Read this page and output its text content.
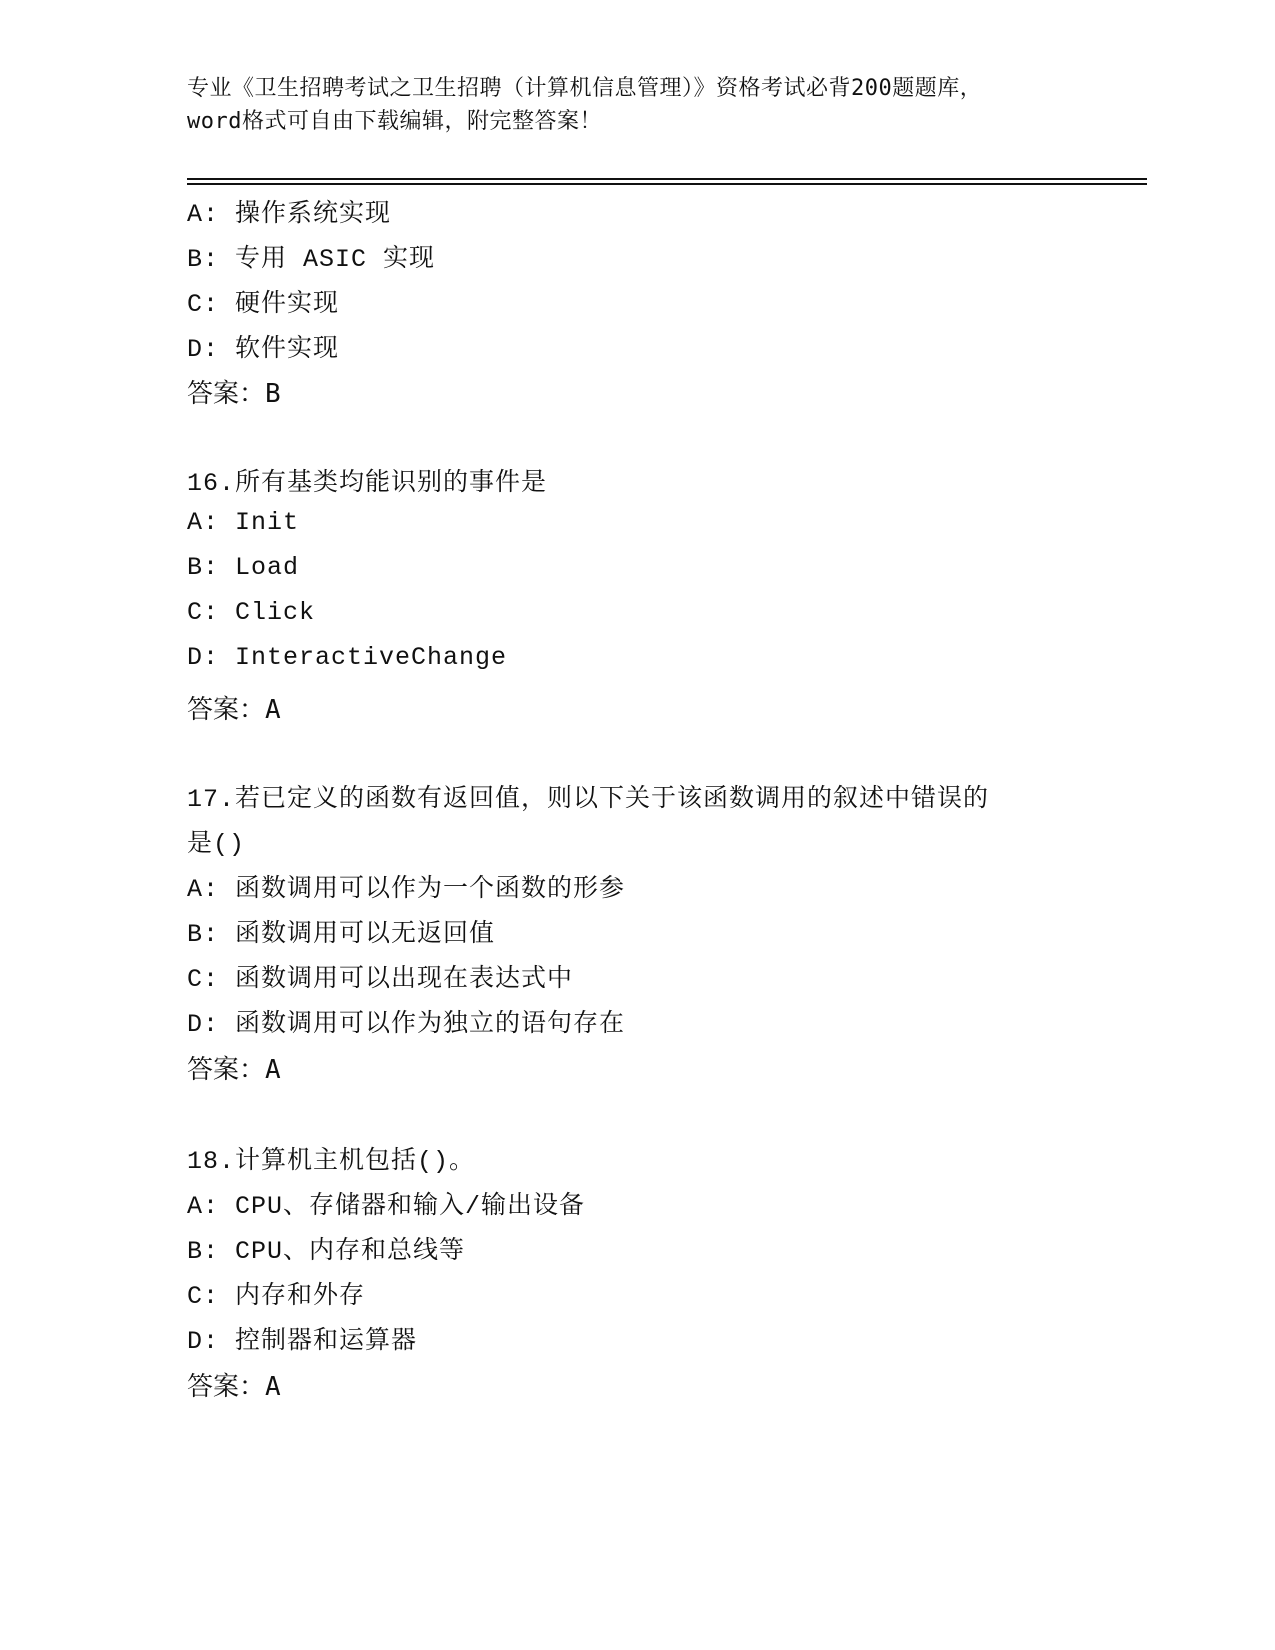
专业《卫生招聘考试之卫生招聘（计算机信息管理）》资格考试必背200题题库，
word格式可自由下载编辑，附完整答案！
A: 操作系统实现
B: 专用 ASIC 实现
C: 硬件实现
D: 软件实现
答案：B
16.所有基类均能识别的事件是
A: Init
B: Load
C: Click
D: InteractiveChange
答案：A
17.若已定义的函数有返回值，则以下关于该函数调用的叙述中错误的
是()
A: 函数调用可以作为一个函数的形参
B: 函数调用可以无返回值
C: 函数调用可以出现在表达式中
D: 函数调用可以作为独立的语句存在
答案：A
18.计算机主机包括()。
A: CPU、存储器和输入/输出设备
B: CPU、内存和总线等
C: 内存和外存
D: 控制器和运算器
答案：A
